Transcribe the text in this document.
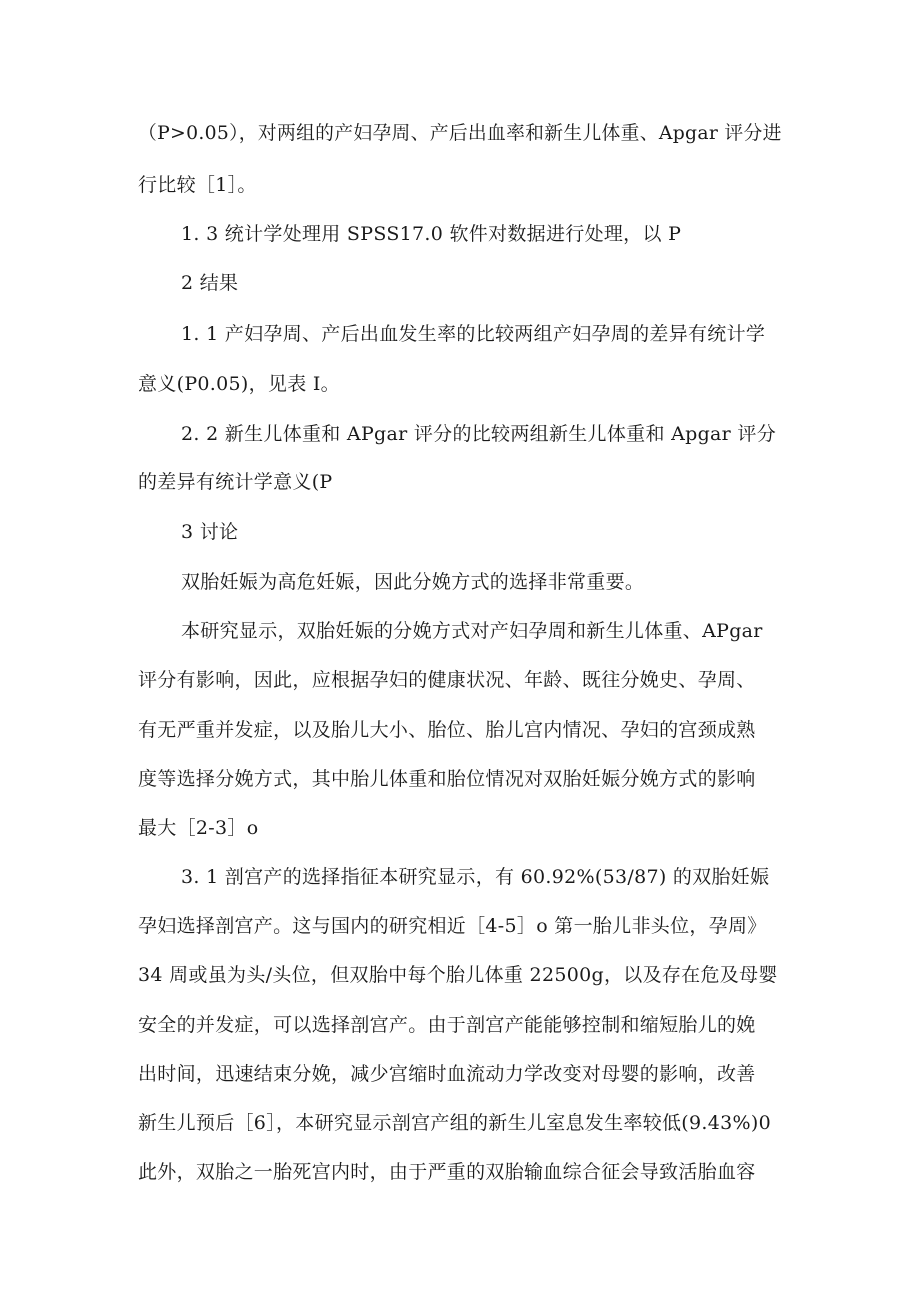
（P>0.05），对两组的产妇孕周、产后出血率和新生儿体重、Apgar 评分进
行比较［1］。
1. 3 统计学处理用 SPSS17.0 软件对数据进行处理，以 P
2 结果
1. 1 产妇孕周、产后出血发生率的比较两组产妇孕周的差异有统计学
意义(P0.05)，见表 I。
2. 2 新生儿体重和 APgar 评分的比较两组新生儿体重和 Apgar 评分
的差异有统计学意义(P
3 讨论
双胎妊娠为高危妊娠，因此分娩方式的选择非常重要。
本研究显示，双胎妊娠的分娩方式对产妇孕周和新生儿体重、APgar
评分有影响，因此，应根据孕妇的健康状况、年龄、既往分娩史、孕周、
有无严重并发症，以及胎儿大小、胎位、胎儿宫内情况、孕妇的宫颈成熟
度等选择分娩方式，其中胎儿体重和胎位情况对双胎妊娠分娩方式的影响
最大［2-3］o
3. 1 剖宫产的选择指征本研究显示，有 60.92%(53/87) 的双胎妊娠
孕妇选择剖宫产。这与国内的研究相近［4-5］o 第一胎儿非头位，孕周》
34 周或虽为头/头位，但双胎中每个胎儿体重 22500g，以及存在危及母婴
安全的并发症，可以选择剖宫产。由于剖宫产能能够控制和缩短胎儿的娩
出时间，迅速结束分娩，减少宫缩时血流动力学改变对母婴的影响，改善
新生儿预后［6］，本研究显示剖宫产组的新生儿室息发生率较低(9.43%)0
此外，双胎之一胎死宫内时，由于严重的双胎输血综合征会导致活胎血容
